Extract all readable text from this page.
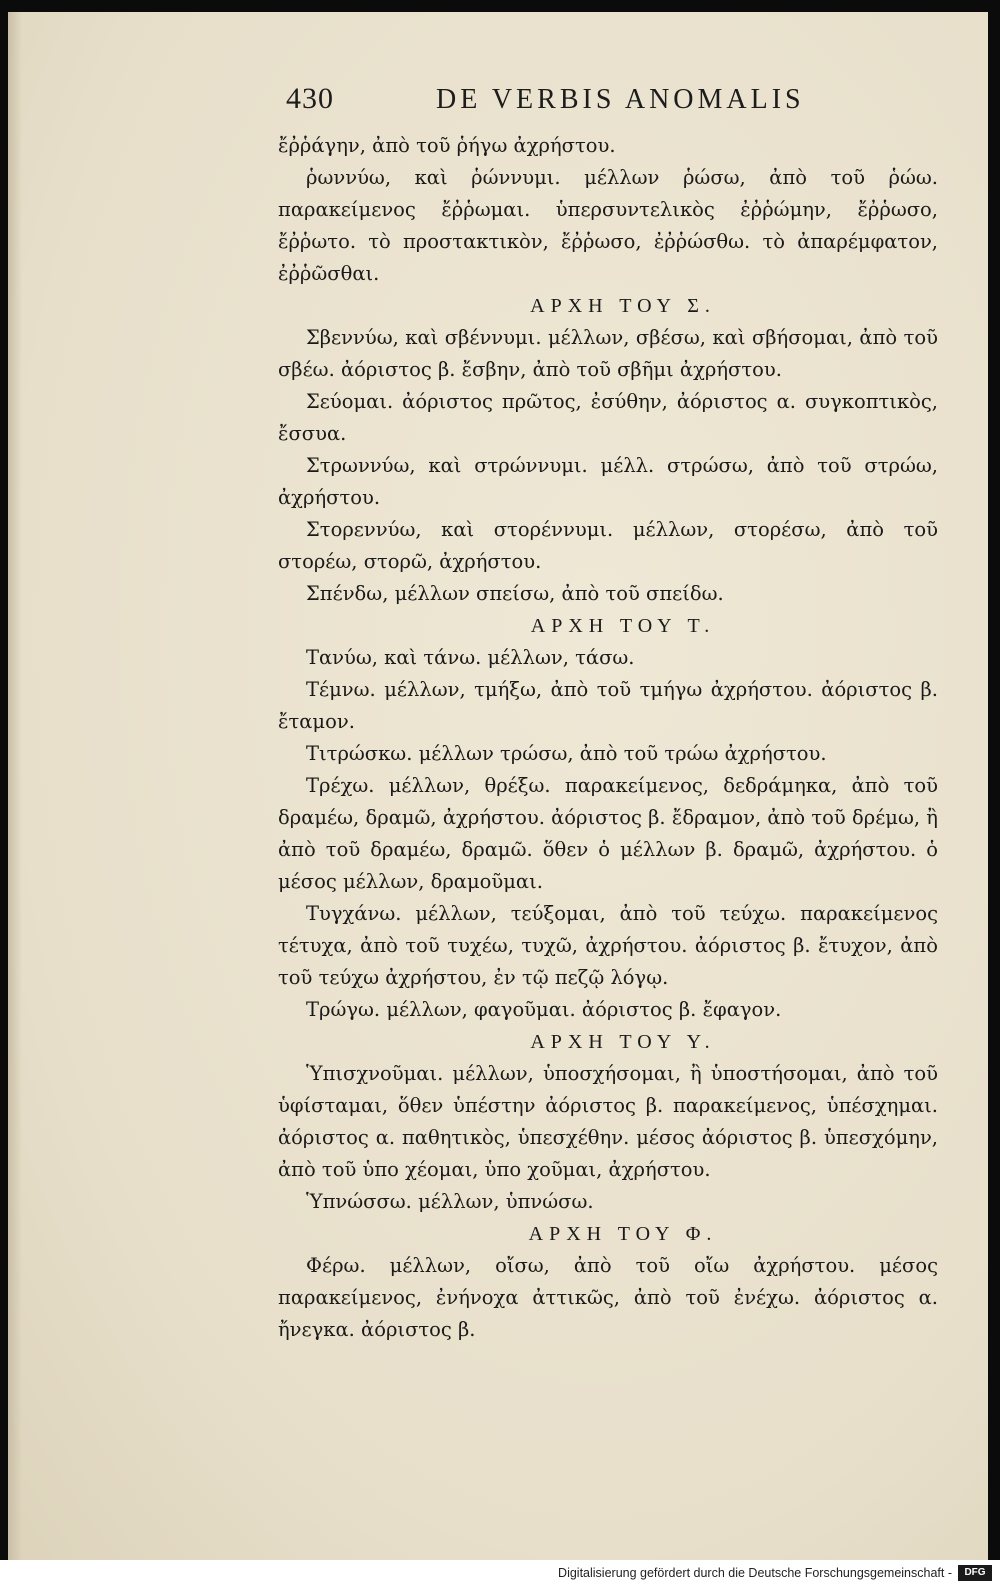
430	DE VERBIS ANOMALIS

ἔῤῥάγην, ἀπὸ τοῦ ῥήγω ἀχρήστου.

ῥωννύω, καὶ ῥώννυμι. μέλλων ῥώσω, ἀπὸ τοῦ ῥώω. παρακείμενος ἔῤῥωμαι. ὑπερσυντελικὸς ἐῤῥώμην, ἔῤῥωσο, ἔῤῥωτο. τὸ προστακτικὸν, ἔῤῥωσο, ἐῤῥώσθω. τὸ ἀπαρέμφατον, ἐῤῥῶσθαι.

ΑΡΧΗ ΤΟΥ Σ.

Σβεννύω, καὶ σβέννυμι. μέλλων, σβέσω, καὶ σβήσομαι, ἀπὸ τοῦ σβέω. ἀόριστος β. ἔσβην, ἀπὸ τοῦ σβῆμι ἀχρήστου.

Σεύομαι. ἀόριστος πρῶτος, ἐσύθην, ἀόριστος α. συγκοπτικὸς, ἔσσυα.

Στρωννύω, καὶ στρώννυμι. μέλλ. στρώσω, ἀπὸ τοῦ στρώω, ἀχρήστου.

Στορεννύω, καὶ στορέννυμι. μέλλων, στορέσω, ἀπὸ τοῦ στορέω, στορῶ, ἀχρήστου.

Σπένδω, μέλλων σπείσω, ἀπὸ τοῦ σπείδω.

ΑΡΧΗ ΤΟΥ Τ.

Τανύω, καὶ τάνω. μέλλων, τάσω.

Τέμνω. μέλλων, τμήξω, ἀπὸ τοῦ τμήγω ἀχρήστου. ἀόριστος β. ἔταμον.

Τιτρώσκω. μέλλων τρώσω, ἀπὸ τοῦ τρώω ἀχρήστου.

Τρέχω. μέλλων, θρέξω. παρακείμενος, δεδράμηκα, ἀπὸ τοῦ δραμέω, δραμῶ, ἀχρήστου. ἀόριστος β. ἔδραμον, ἀπὸ τοῦ δρέμω, ἢ ἀπὸ τοῦ δραμέω, δραμῶ. ὅθεν ὁ μέλλων β. δραμῶ, ἀχρήστου. ὁ μέσος μέλλων, δραμοῦμαι.

Τυγχάνω. μέλλων, τεύξομαι, ἀπὸ τοῦ τεύχω. παρακείμενος τέτυχα, ἀπὸ τοῦ τυχέω, τυχῶ, ἀχρήστου. ἀόριστος β. ἔτυχον, ἀπὸ τοῦ τεύχω ἀχρήστου, ἐν τῷ πεζῷ λόγῳ.

Τρώγω. μέλλων, φαγοῦμαι. ἀόριστος β. ἔφαγον.

ΑΡΧΗ ΤΟΥ Υ.

Ὑπισχνοῦμαι. μέλλων, ὑποσχήσομαι, ἢ ὑποστήσομαι, ἀπὸ τοῦ ὑφίσταμαι, ὅθεν ὑπέστην ἀόριστος β. παρακείμενος, ὑπέσχημαι. ἀόριστος α. παθητικὸς, ὑπεσχέθην. μέσος ἀόριστος β. ὑπεσχόμην, ἀπὸ τοῦ ὑπο χέομαι, ὑπο χοῦμαι, ἀχρήστου.

Ὑπνώσσω. μέλλων, ὑπνώσω.

ΑΡΧΗ ΤΟΥ Φ.

Φέρω. μέλλων, οἴσω, ἀπὸ τοῦ οἴω ἀχρήστου. μέσος παρακείμενος, ἐνήνοχα ἀττικῶς, ἀπὸ τοῦ ἐνέχω. ἀόριστος α. ἤνεγκα. ἀόριστος β.

Digitalisierung gefördert durch die Deutsche Forschungsgemeinschaft -	DFG
